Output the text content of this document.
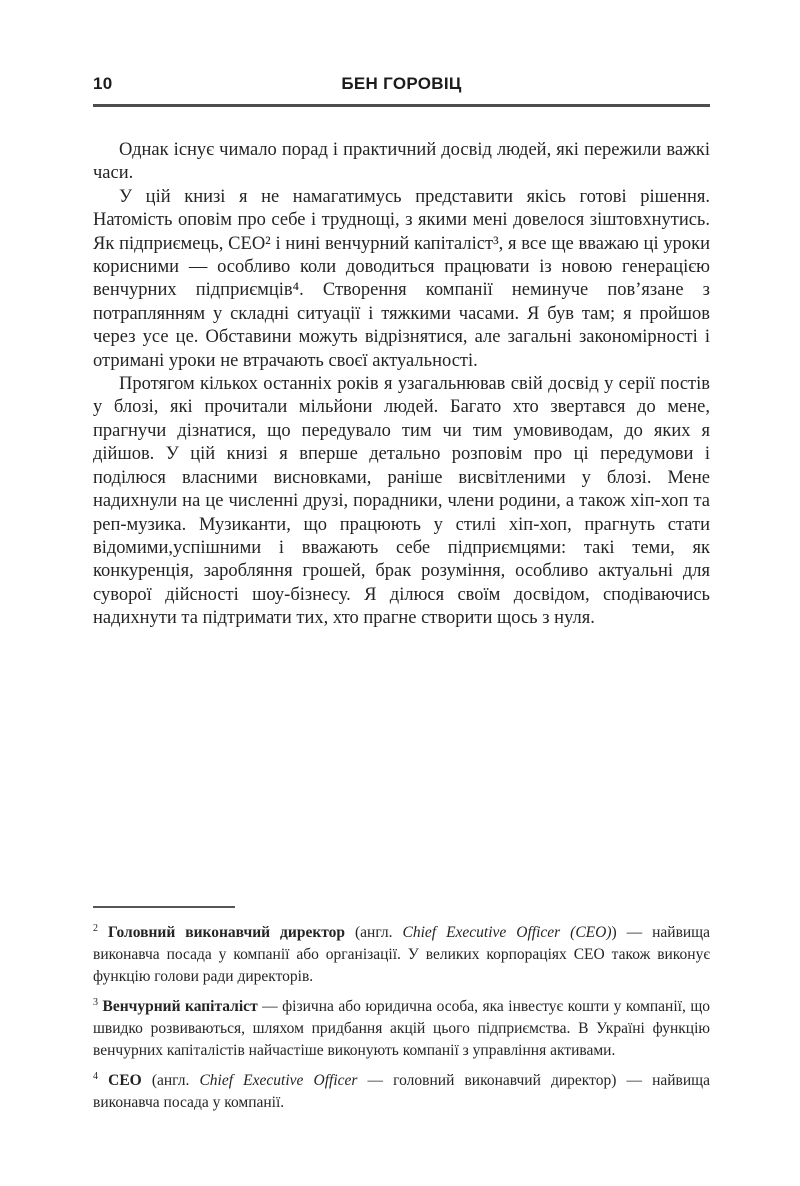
10	БЕН ГОРОВІЦ

Однак існує чимало порад і практичний досвід людей, які пережили важкі часи.

У цій книзі я не намагатимусь представити якісь готові рішення. Натомість оповім про себе і труднощі, з якими мені довелося зіштовхнутись. Як підприємець, CEO² і нині венчурний капіталіст³, я все ще вважаю ці уроки корисними — особливо коли доводиться працювати із новою генерацією венчурних підприємців⁴. Створення компанії неминуче пов’язане з потраплянням у складні ситуації і тяжкими часами. Я був там; я пройшов через усе це. Обставини можуть відрізнятися, але загальні закономірності і отримані уроки не втрачають своєї актуальності.

Протягом кількох останніх років я узагальнював свій досвід у серії постів у блозі, які прочитали мільйони людей. Багато хто звертався до мене, прагнучи дізнатися, що передувало тим чи тим умовиводам, до яких я дійшов. У цій книзі я вперше детально розповім про ці передумови і поділюся власними висновками, раніше висвітленими у блозі. Мене надихнули на це численні друзі, порадники, члени родини, а також хіп-хоп та реп-музика. Музиканти, що працюють у стилі хіп-хоп, прагнуть стати відомими,успішними і вважають себе підприємцями: такі теми, як конкуренція, заробляння грошей, брак розуміння, особливо актуальні для суворої дійсності шоу-бізнесу. Я ділюся своїм досвідом, сподіваючись надихнути та підтримати тих, хто прагне створити щось з нуля.

$^2$ Головний виконавчий директор (англ. Chief Executive Officer (CEO)) — найвища виконавча посада у компанії або організації. У великих корпораціях CEO також виконує функцію голови ради директорів.

$^3$ Венчурний капіталіст — фізична або юридична особа, яка інвестує кошти у компанії, що швидко розвиваються, шляхом придбання акцій цього підприємства. В Україні функцію венчурних капіталістів найчастіше виконують компанії з управління активами.

$^4$ CEO (англ. Chief Executive Officer — головний виконавчий директор) — найвища виконавча посада у компанії.
